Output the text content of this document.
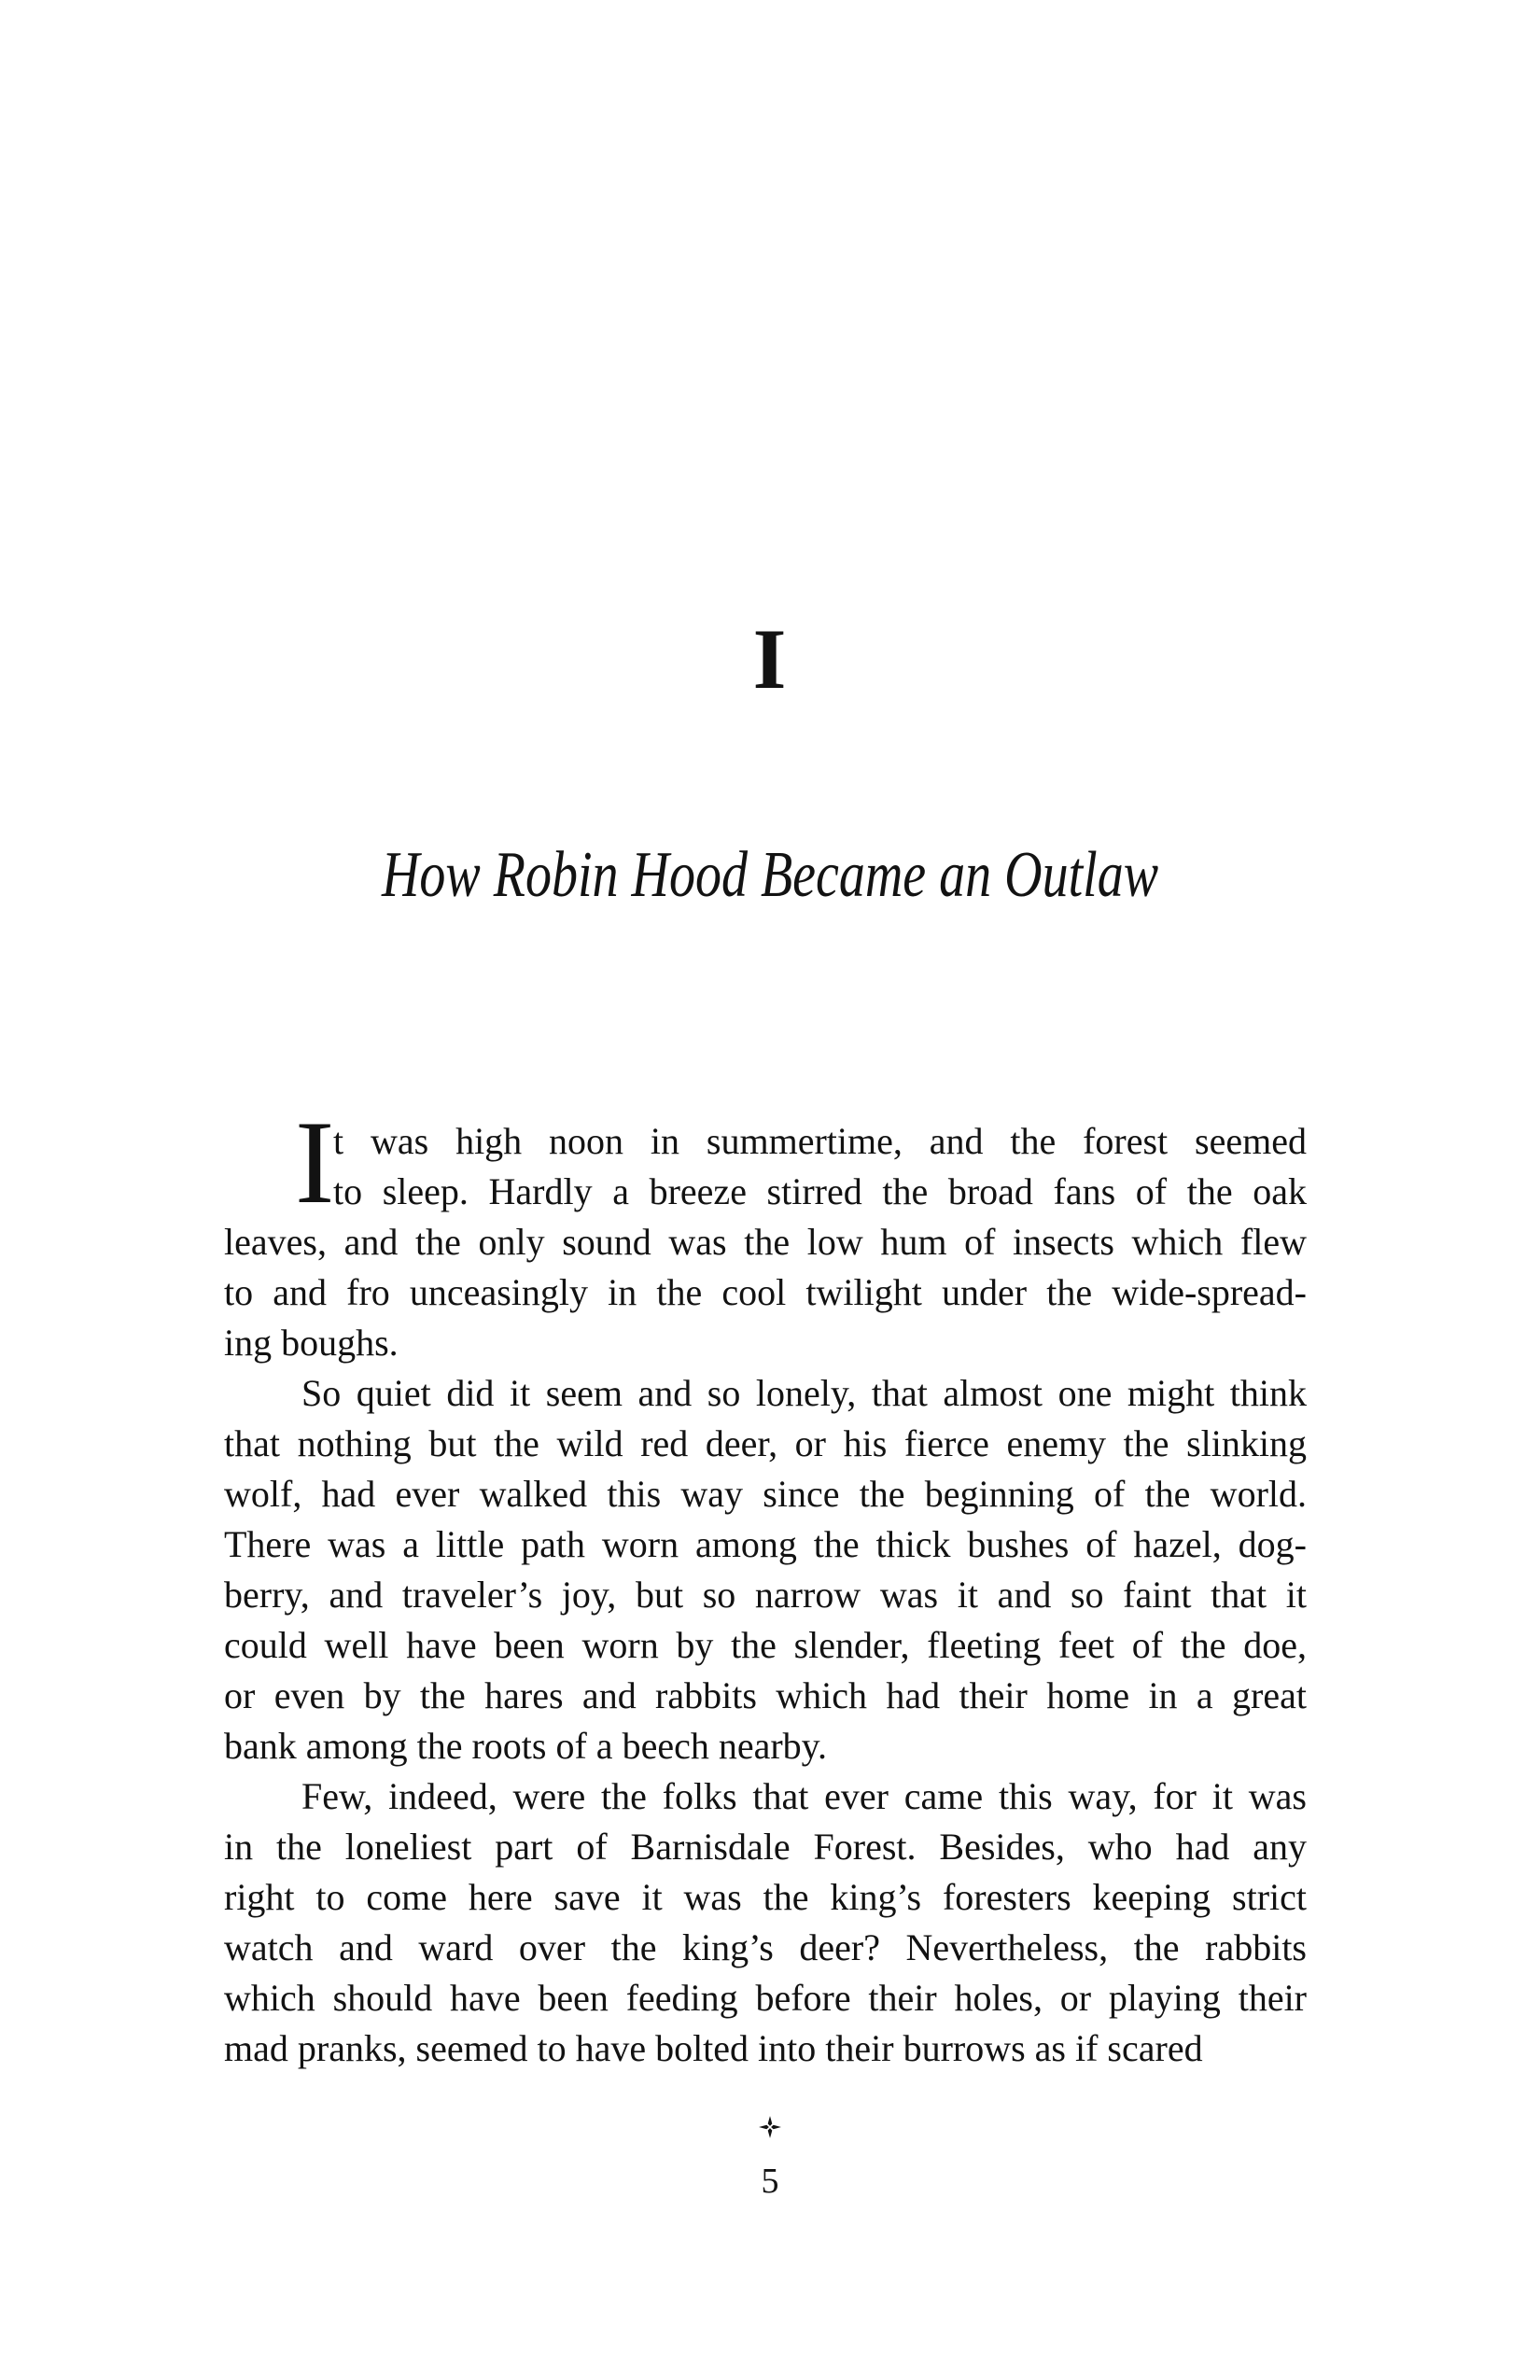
I
How Robin Hood Became an Outlaw
I
t was high noon in summertime, and the forest seemed
to sleep. Hardly a breeze stirred the broad fans of the oak
leaves, and the only sound was the low hum of insects which flew
to and fro unceasingly in the cool twilight under the wide-spread-
ing boughs.
So quiet did it seem and so lonely, that almost one might think
that nothing but the wild red deer, or his fierce enemy the slinking
wolf, had ever walked this way since the beginning of the world.
There was a little path worn among the thick bushes of hazel, dog-
berry, and traveler’s joy, but so narrow was it and so faint that it
could well have been worn by the slender, fleeting feet of the doe,
or even by the hares and rabbits which had their home in a great
bank among the roots of a beech nearby.
Few, indeed, were the folks that ever came this way, for it was
in the loneliest part of Barnisdale Forest. Besides, who had any
right to come here save it was the king’s foresters keeping strict
watch and ward over the king’s deer? Nevertheless, the rabbits
which should have been feeding before their holes, or playing their
mad pranks, seemed to have bolted into their burrows as if scared
5
